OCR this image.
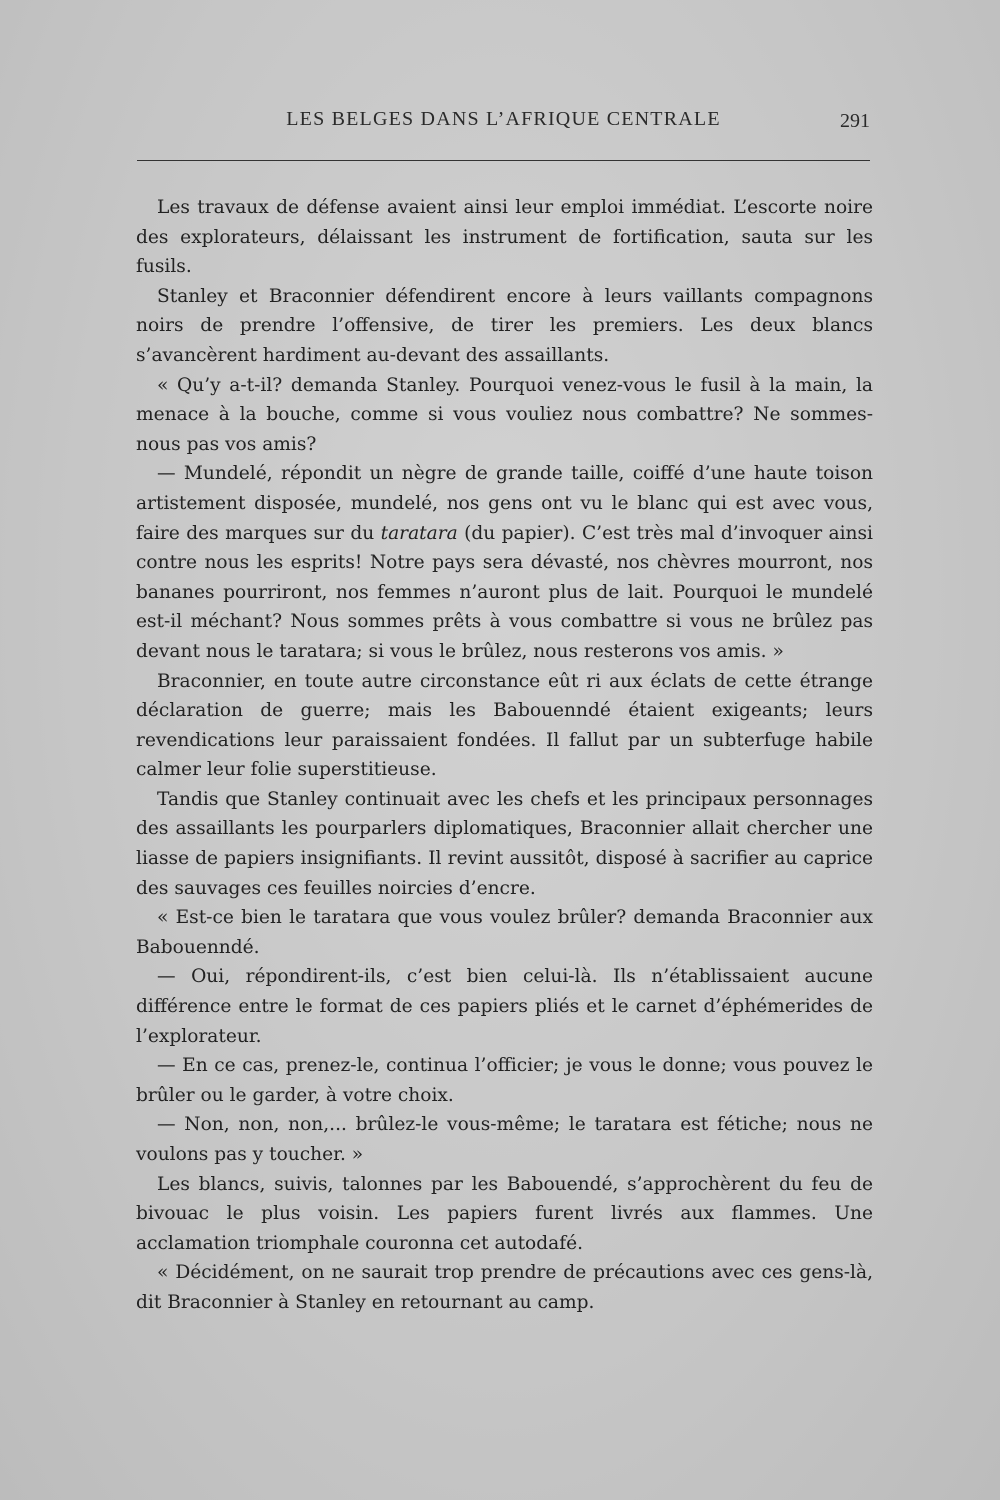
LES BELGES DANS L’AFRIQUE CENTRALE	291

Les travaux de défense avaient ainsi leur emploi immédiat. L’escorte noire des explorateurs, délaissant les instrument de fortification, sauta sur les fusils.

Stanley et Braconnier défendirent encore à leurs vaillants compagnons noirs de prendre l’offensive, de tirer les premiers. Les deux blancs s’avancèrent hardiment au-devant des assaillants.

« Qu’y a-t-il? demanda Stanley. Pourquoi venez-vous le fusil à la main, la menace à la bouche, comme si vous vouliez nous combattre? Ne sommes-nous pas vos amis?

— Mundelé, répondit un nègre de grande taille, coiffé d’une haute toison artistement disposée, mundelé, nos gens ont vu le blanc qui est avec vous, faire des marques sur du taratara (du papier). C’est très mal d’invoquer ainsi contre nous les esprits! Notre pays sera dévasté, nos chèvres mourront, nos bananes pourriront, nos femmes n’auront plus de lait. Pourquoi le mundelé est-il méchant? Nous sommes prêts à vous combattre si vous ne brûlez pas devant nous le taratara; si vous le brûlez, nous resterons vos amis. »

Braconnier, en toute autre circonstance eût ri aux éclats de cette étrange déclaration de guerre; mais les Babouenndé étaient exigeants; leurs revendications leur paraissaient fondées. Il fallut par un subterfuge habile calmer leur folie superstitieuse.

Tandis que Stanley continuait avec les chefs et les principaux personnages des assaillants les pourparlers diplomatiques, Braconnier allait chercher une liasse de papiers insignifiants. Il revint aussitôt, disposé à sacrifier au caprice des sauvages ces feuilles noircies d’encre.

« Est-ce bien le taratara que vous voulez brûler? demanda Braconnier aux Babouenndé.

— Oui, répondirent-ils, c’est bien celui-là. Ils n’établissaient aucune différence entre le format de ces papiers pliés et le carnet d’éphémerides de l’explorateur.

— En ce cas, prenez-le, continua l’officier; je vous le donne; vous pouvez le brûler ou le garder, à votre choix.

— Non, non, non,... brûlez-le vous-même; le taratara est fétiche; nous ne voulons pas y toucher. »

Les blancs, suivis, talonnes par les Babouendé, s’approchèrent du feu de bivouac le plus voisin. Les papiers furent livrés aux flammes. Une acclamation triomphale couronna cet autodafé.

« Décidément, on ne saurait trop prendre de précautions avec ces gens-là, dit Braconnier à Stanley en retournant au camp.
